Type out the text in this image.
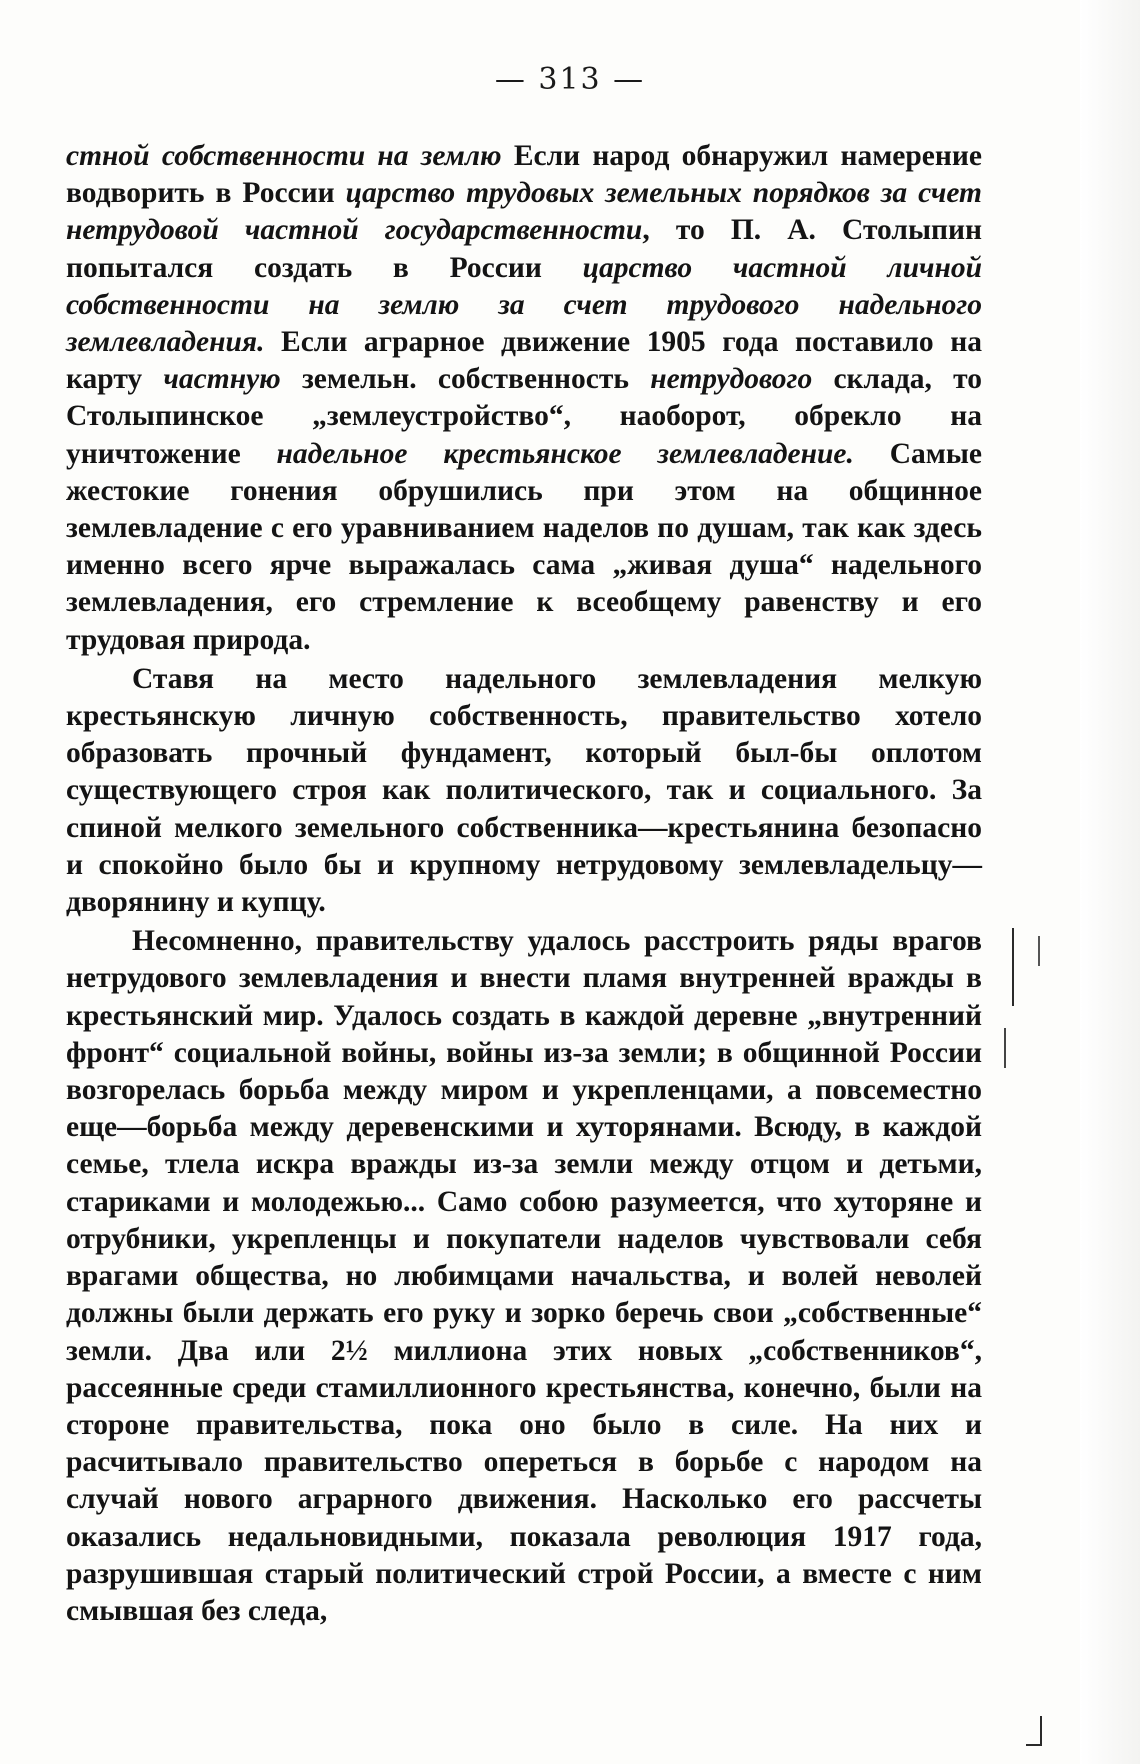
— 313 —

стной собственности на землю Если народ обнаружил намерение водворить в России царство трудовых земельных порядков за счет нетрудовой частной государственности, то П. А. Столыпин попытался создать в России царство частной личной собственности на землю за счет трудового надельного землевладения. Если аграрное движение 1905 года поставило на карту частную земельн. собственность нетрудового склада, то Столыпинское „землеустройство“, наоборот, обрекло на уничтожение надельное крестьянское землевладение. Самые жестокие гонения обрушились при этом на общинное землевладение с его уравниванием наделов по душам, так как здесь именно всего ярче выражалась сама „живая душа“ надельного землевладения, его стремление к всеобщему равенству и его трудовая природа.

Ставя на место надельного землевладения мелкую крестьянскую личную собственность, правительство хотело образовать прочный фундамент, который был-бы оплотом существующего строя как политического, так и социального. За спиной мелкого земельного собственника—крестьянина безопасно и спокойно было бы и крупному нетрудовому землевладельцу—дворянину и купцу.

Несомненно, правительству удалось расстроить ряды врагов нетрудового землевладения и внести пламя внутренней вражды в крестьянский мир. Удалось создать в каждой деревне „внутренний фронт“ социальной войны, войны из-за земли; в общинной России возгорелась борьба между миром и укрепленцами, а повсеместно еще—борьба между деревенскими и хуторянами. Всюду, в каждой семье, тлела искра вражды из-за земли между отцом и детьми, стариками и молодежью... Само собою разумеется, что хуторяне и отрубники, укрепленцы и покупатели наделов чувствовали себя врагами общества, но любимцами начальства, и волей неволей должны были держать его руку и зорко беречь свои „собственные“ земли. Два или 2½ миллиона этих новых „собственников“, рассеянные среди стамиллионного крестьянства, конечно, были на стороне правительства, пока оно было в силе. На них и расчитывало правительство опереться в борьбе с народом на случай нового аграрного движения. Насколько его рассчеты оказались недальновидными, показала революция 1917 года, разрушившая старый политический строй России, а вместе с ним смывшая без следа,
